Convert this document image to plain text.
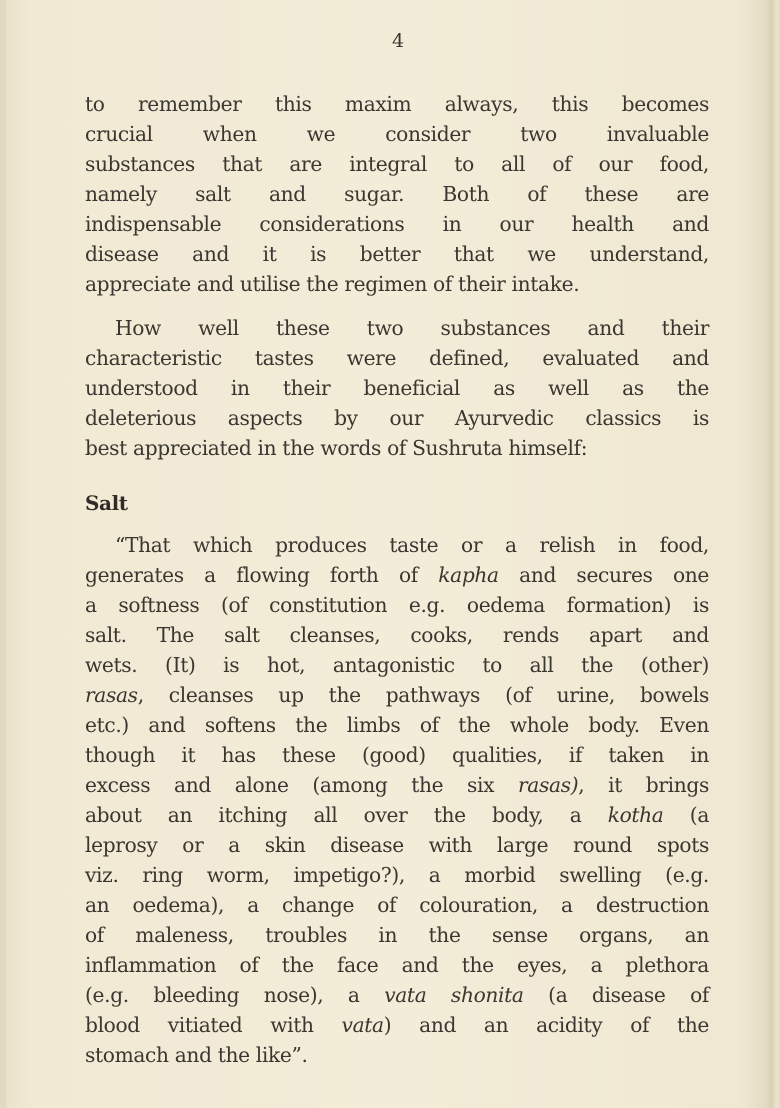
4
to remember this maxim always, this becomes
crucial when we consider two invaluable
substances that are integral to all of our food,
namely salt and sugar. Both of these are
indispensable considerations in our health and
disease and it is better that we understand,
appreciate and utilise the regimen of their intake.
How well these two substances and their
characteristic tastes were defined, evaluated and
understood in their beneficial as well as the
deleterious aspects by our Ayurvedic classics is
best appreciated in the words of Sushruta himself:
Salt
“That which produces taste or a relish in food,
generates a flowing forth of kapha and secures one
a softness (of constitution e.g. oedema formation) is
salt. The salt cleanses, cooks, rends apart and
wets. (It) is hot, antagonistic to all the (other)
rasas, cleanses up the pathways (of urine, bowels
etc.) and softens the limbs of the whole body. Even
though it has these (good) qualities, if taken in
excess and alone (among the six rasas), it brings
about an itching all over the body, a kotha (a
leprosy or a skin disease with large round spots
viz. ring worm, impetigo?), a morbid swelling (e.g.
an oedema), a change of colouration, a destruction
of maleness, troubles in the sense organs, an
inflammation of the face and the eyes, a plethora
(e.g. bleeding nose), a vata shonita (a disease of
blood vitiated with vata) and an acidity of the
stomach and the like”.
